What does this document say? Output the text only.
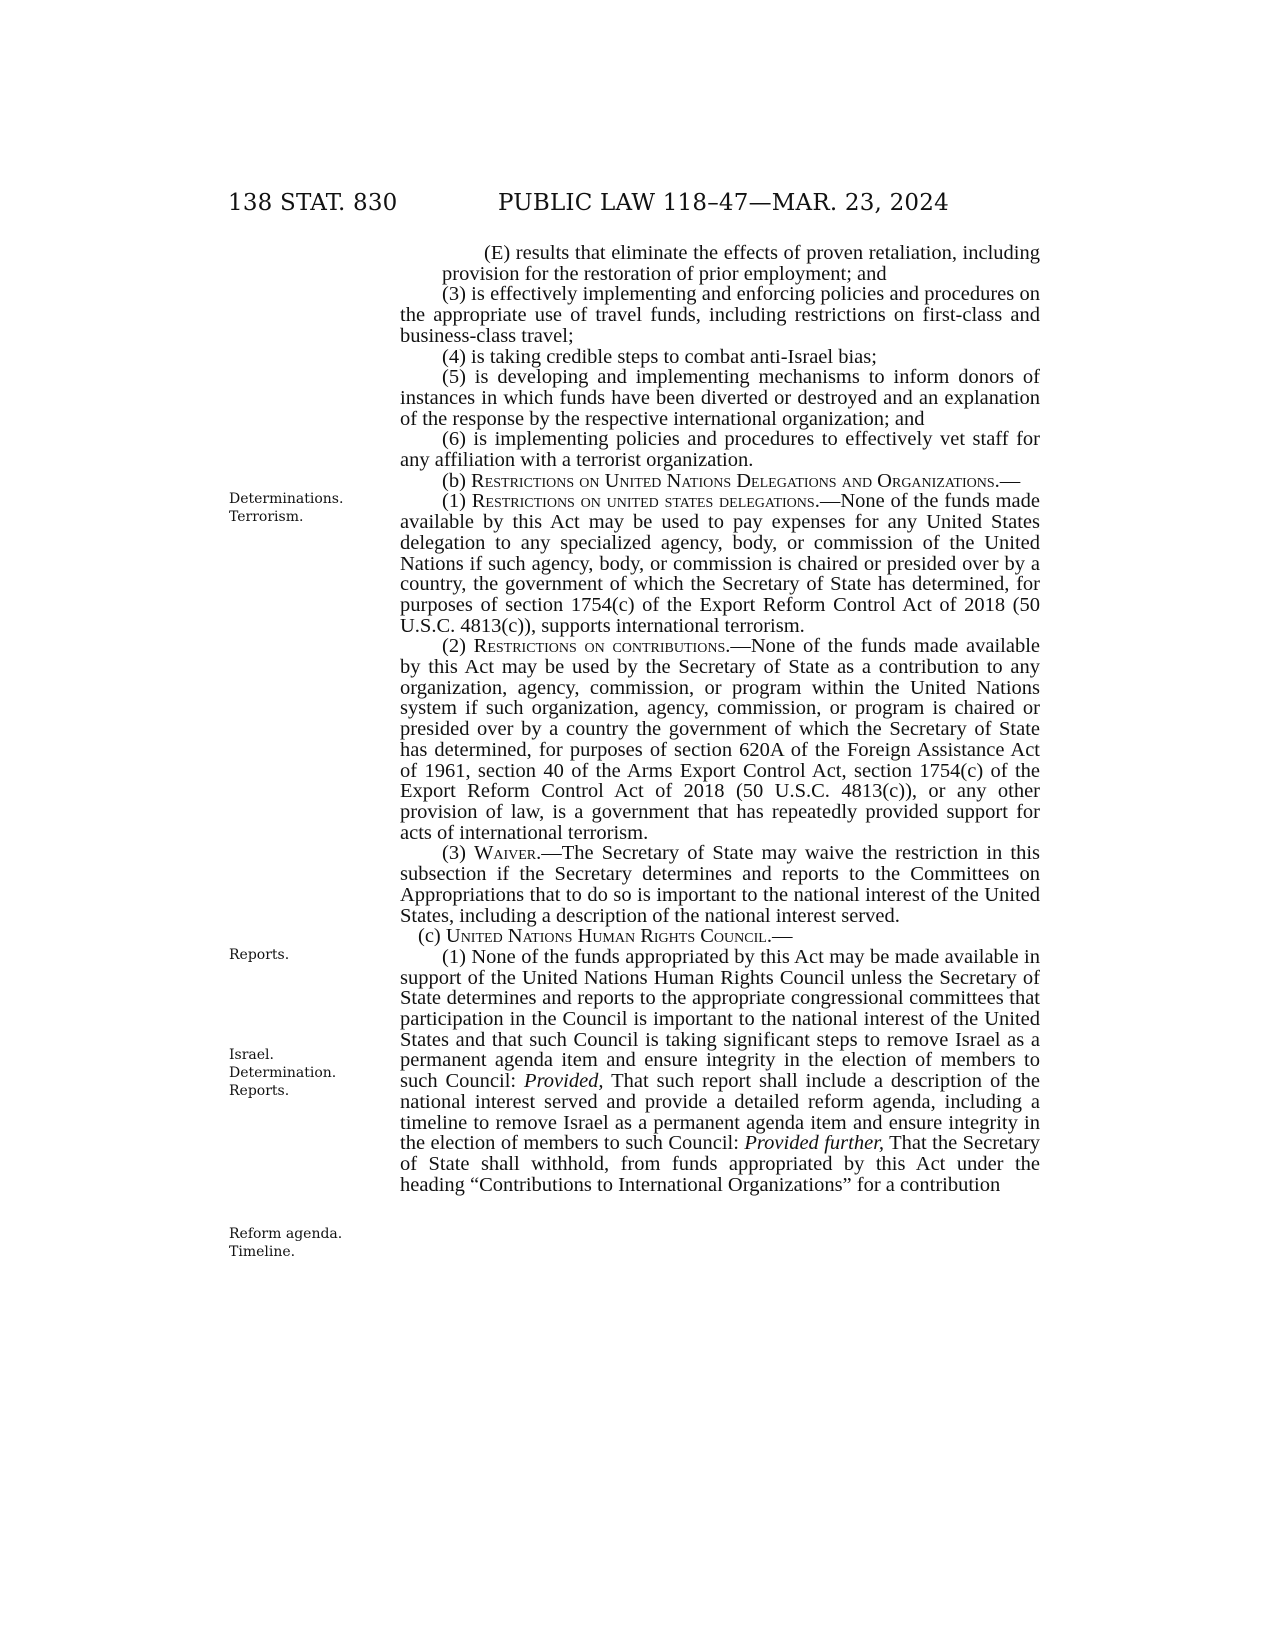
138 STAT. 830	PUBLIC LAW 118–47—MAR. 23, 2024
Determinations.
Terrorism.
Reports.
Israel.
Determination.
Reports.
Reform agenda.
Timeline.

(E) results that eliminate the effects of proven retaliation, including provision for the restoration of prior employment; and

(3) is effectively implementing and enforcing policies and procedures on the appropriate use of travel funds, including restrictions on first-class and business-class travel;

(4) is taking credible steps to combat anti-Israel bias;

(5) is developing and implementing mechanisms to inform donors of instances in which funds have been diverted or destroyed and an explanation of the response by the respective international organization; and

(6) is implementing policies and procedures to effectively vet staff for any affiliation with a terrorist organization.

(b) Restrictions on United Nations Delegations and Organizations.—

(1) Restrictions on united states delegations.—None of the funds made available by this Act may be used to pay expenses for any United States delegation to any specialized agency, body, or commission of the United Nations if such agency, body, or commission is chaired or presided over by a country, the government of which the Secretary of State has determined, for purposes of section 1754(c) of the Export Reform Control Act of 2018 (50 U.S.C. 4813(c)), supports international terrorism.

(2) Restrictions on contributions.—None of the funds made available by this Act may be used by the Secretary of State as a contribution to any organization, agency, commission, or program within the United Nations system if such organization, agency, commission, or program is chaired or presided over by a country the government of which the Secretary of State has determined, for purposes of section 620A of the Foreign Assistance Act of 1961, section 40 of the Arms Export Control Act, section 1754(c) of the Export Reform Control Act of 2018 (50 U.S.C. 4813(c)), or any other provision of law, is a government that has repeatedly provided support for acts of international terrorism.

(3) Waiver.—The Secretary of State may waive the restriction in this subsection if the Secretary determines and reports to the Committees on Appropriations that to do so is important to the national interest of the United States, including a description of the national interest served.

(c) United Nations Human Rights Council.—

(1) None of the funds appropriated by this Act may be made available in support of the United Nations Human Rights Council unless the Secretary of State determines and reports to the appropriate congressional committees that participation in the Council is important to the national interest of the United States and that such Council is taking significant steps to remove Israel as a permanent agenda item and ensure integrity in the election of members to such Council: Provided, That such report shall include a description of the national interest served and provide a detailed reform agenda, including a timeline to remove Israel as a permanent agenda item and ensure integrity in the election of members to such Council: Provided further, That the Secretary of State shall withhold, from funds appropriated by this Act under the heading “Contributions to International Organizations” for a contribution
